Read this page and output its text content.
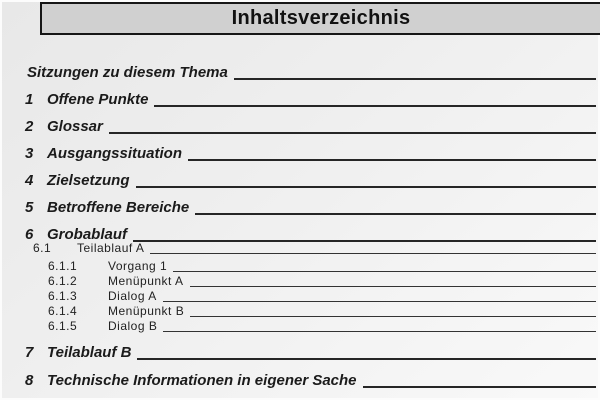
Inhaltsverzeichnis
Sitzungen zu diesem Thema
1 Offene Punkte
2 Glossar
3 Ausgangssituation
4 Zielsetzung
5 Betroffene Bereiche
6 Grobablauf
6.1	Teilablauf A
6.1.1	Vorgang 1
6.1.2	Menüpunkt A
6.1.3	Dialog A
6.1.4	Menüpunkt B
6.1.5	Dialog B
7 Teilablauf B
8 Technische Informationen in eigener Sache
